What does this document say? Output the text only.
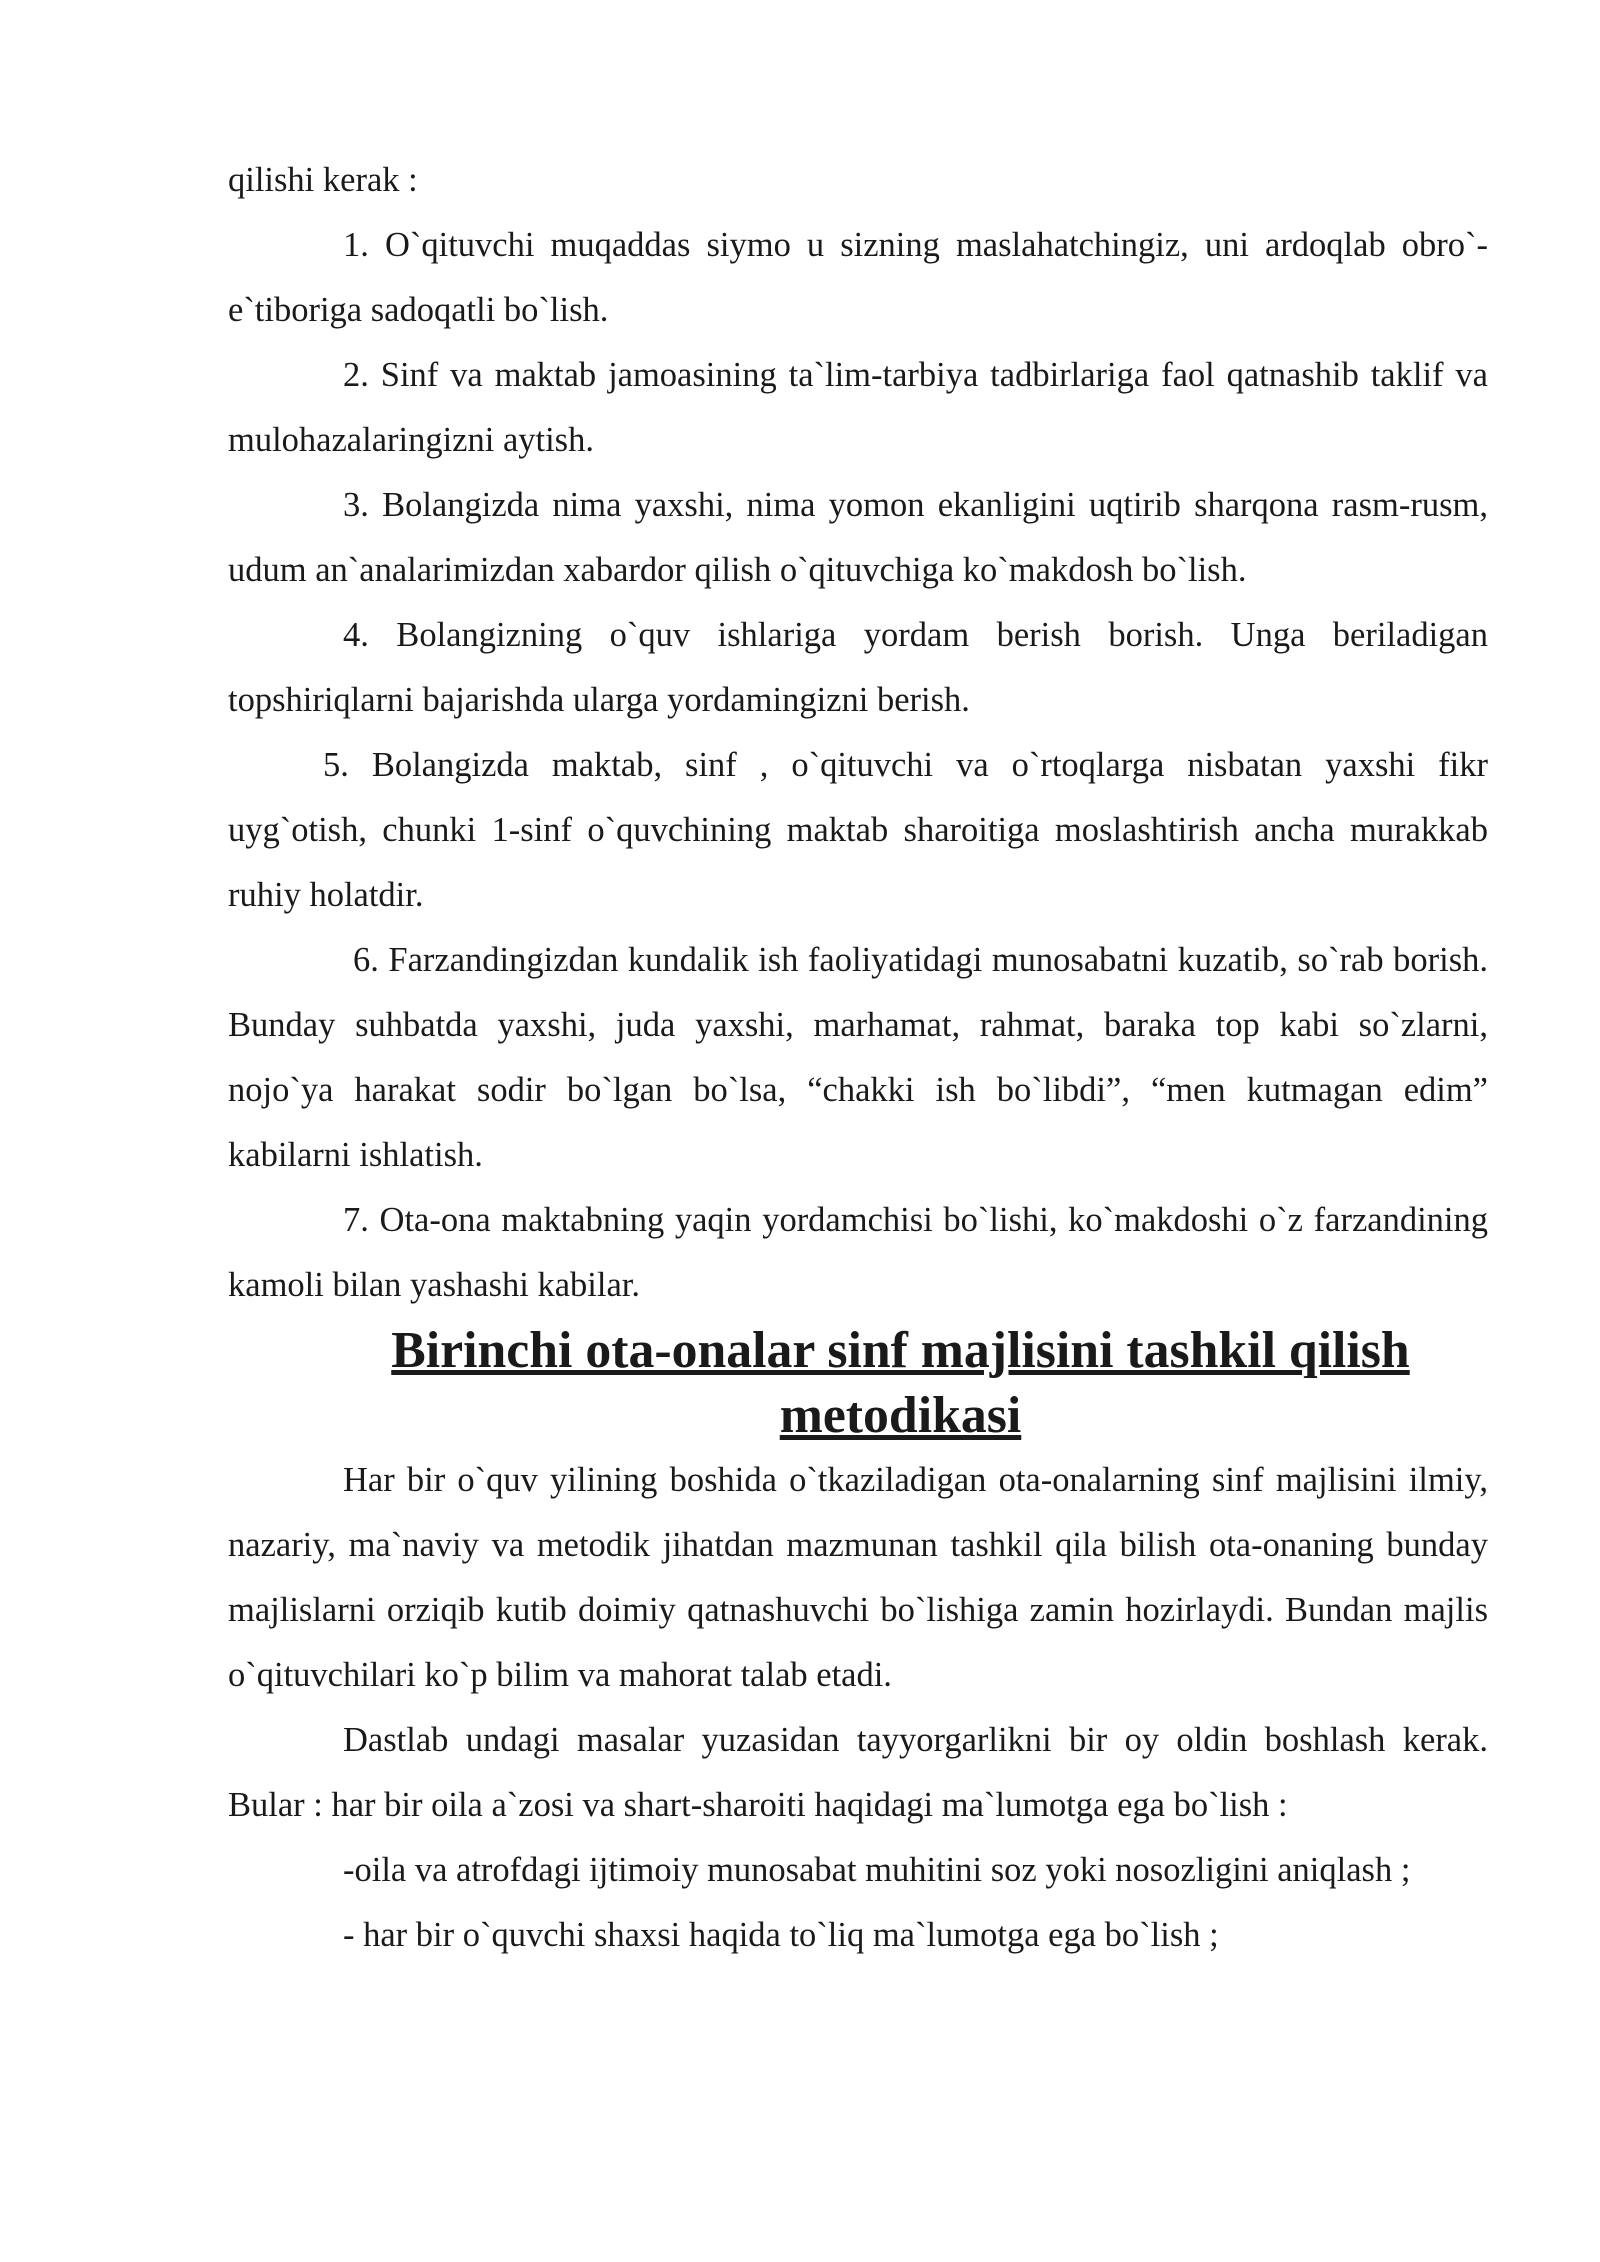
qilishi kerak :

1. O`qituvchi muqaddas siymo u sizning maslahatchingiz, uni ardoqlab obro`-e`tiboriga sadoqatli bo`lish.

2. Sinf va maktab jamoasining ta`lim-tarbiya tadbirlariga faol qatnashib taklif va mulohazalaringizni aytish.

3. Bolangizda nima yaxshi, nima yomon ekanligini uqtirib sharqona rasm-rusm, udum an`analarimizdan xabardor qilish o`qituvchiga ko`makdosh bo`lish.

4. Bolangizning o`quv ishlariga yordam berish borish. Unga beriladigan topshiriqlarni bajarishda ularga yordamingizni berish.

5. Bolangizda maktab, sinf , o`qituvchi va o`rtoqlarga nisbatan yaxshi fikr uyg`otish, chunki 1-sinf o`quvchining maktab sharoitiga moslashtirish ancha murakkab ruhiy holatdir.

6. Farzandingizdan kundalik ish faoliyatidagi munosabatni kuzatib, so`rab borish. Bunday suhbatda yaxshi, juda yaxshi, marhamat, rahmat, baraka top kabi so`zlarni, nojo`ya harakat sodir bo`lgan bo`lsa, “chakki ish bo`libdi”, “men kutmagan edim” kabilarni ishlatish.

7. Ota-ona maktabning yaqin yordamchisi bo`lishi, ko`makdoshi o`z farzandining kamoli bilan yashashi kabilar.

Birinchi ota-onalar sinf majlisini tashkil qilish metodikasi

Har bir o`quv yilining boshida o`tkaziladigan ota-onalarning sinf majlisini ilmiy, nazariy, ma`naviy va metodik jihatdan mazmunan tashkil qila bilish ota-onaning bunday majlislarni orziqib kutib doimiy qatnashuvchi bo`lishiga zamin hozirlaydi. Bundan majlis o`qituvchilari ko`p bilim va mahorat talab etadi.

Dastlab undagi masalar yuzasidan tayyorgarlikni bir oy oldin boshlash kerak. Bular : har bir oila a`zosi va shart-sharoiti haqidagi ma`lumotga ega bo`lish :

-oila va atrofdagi ijtimoiy munosabat muhitini soz yoki nosozligini aniqlash ;

- har bir o`quvchi shaxsi haqida to`liq ma`lumotga ega bo`lish ;
